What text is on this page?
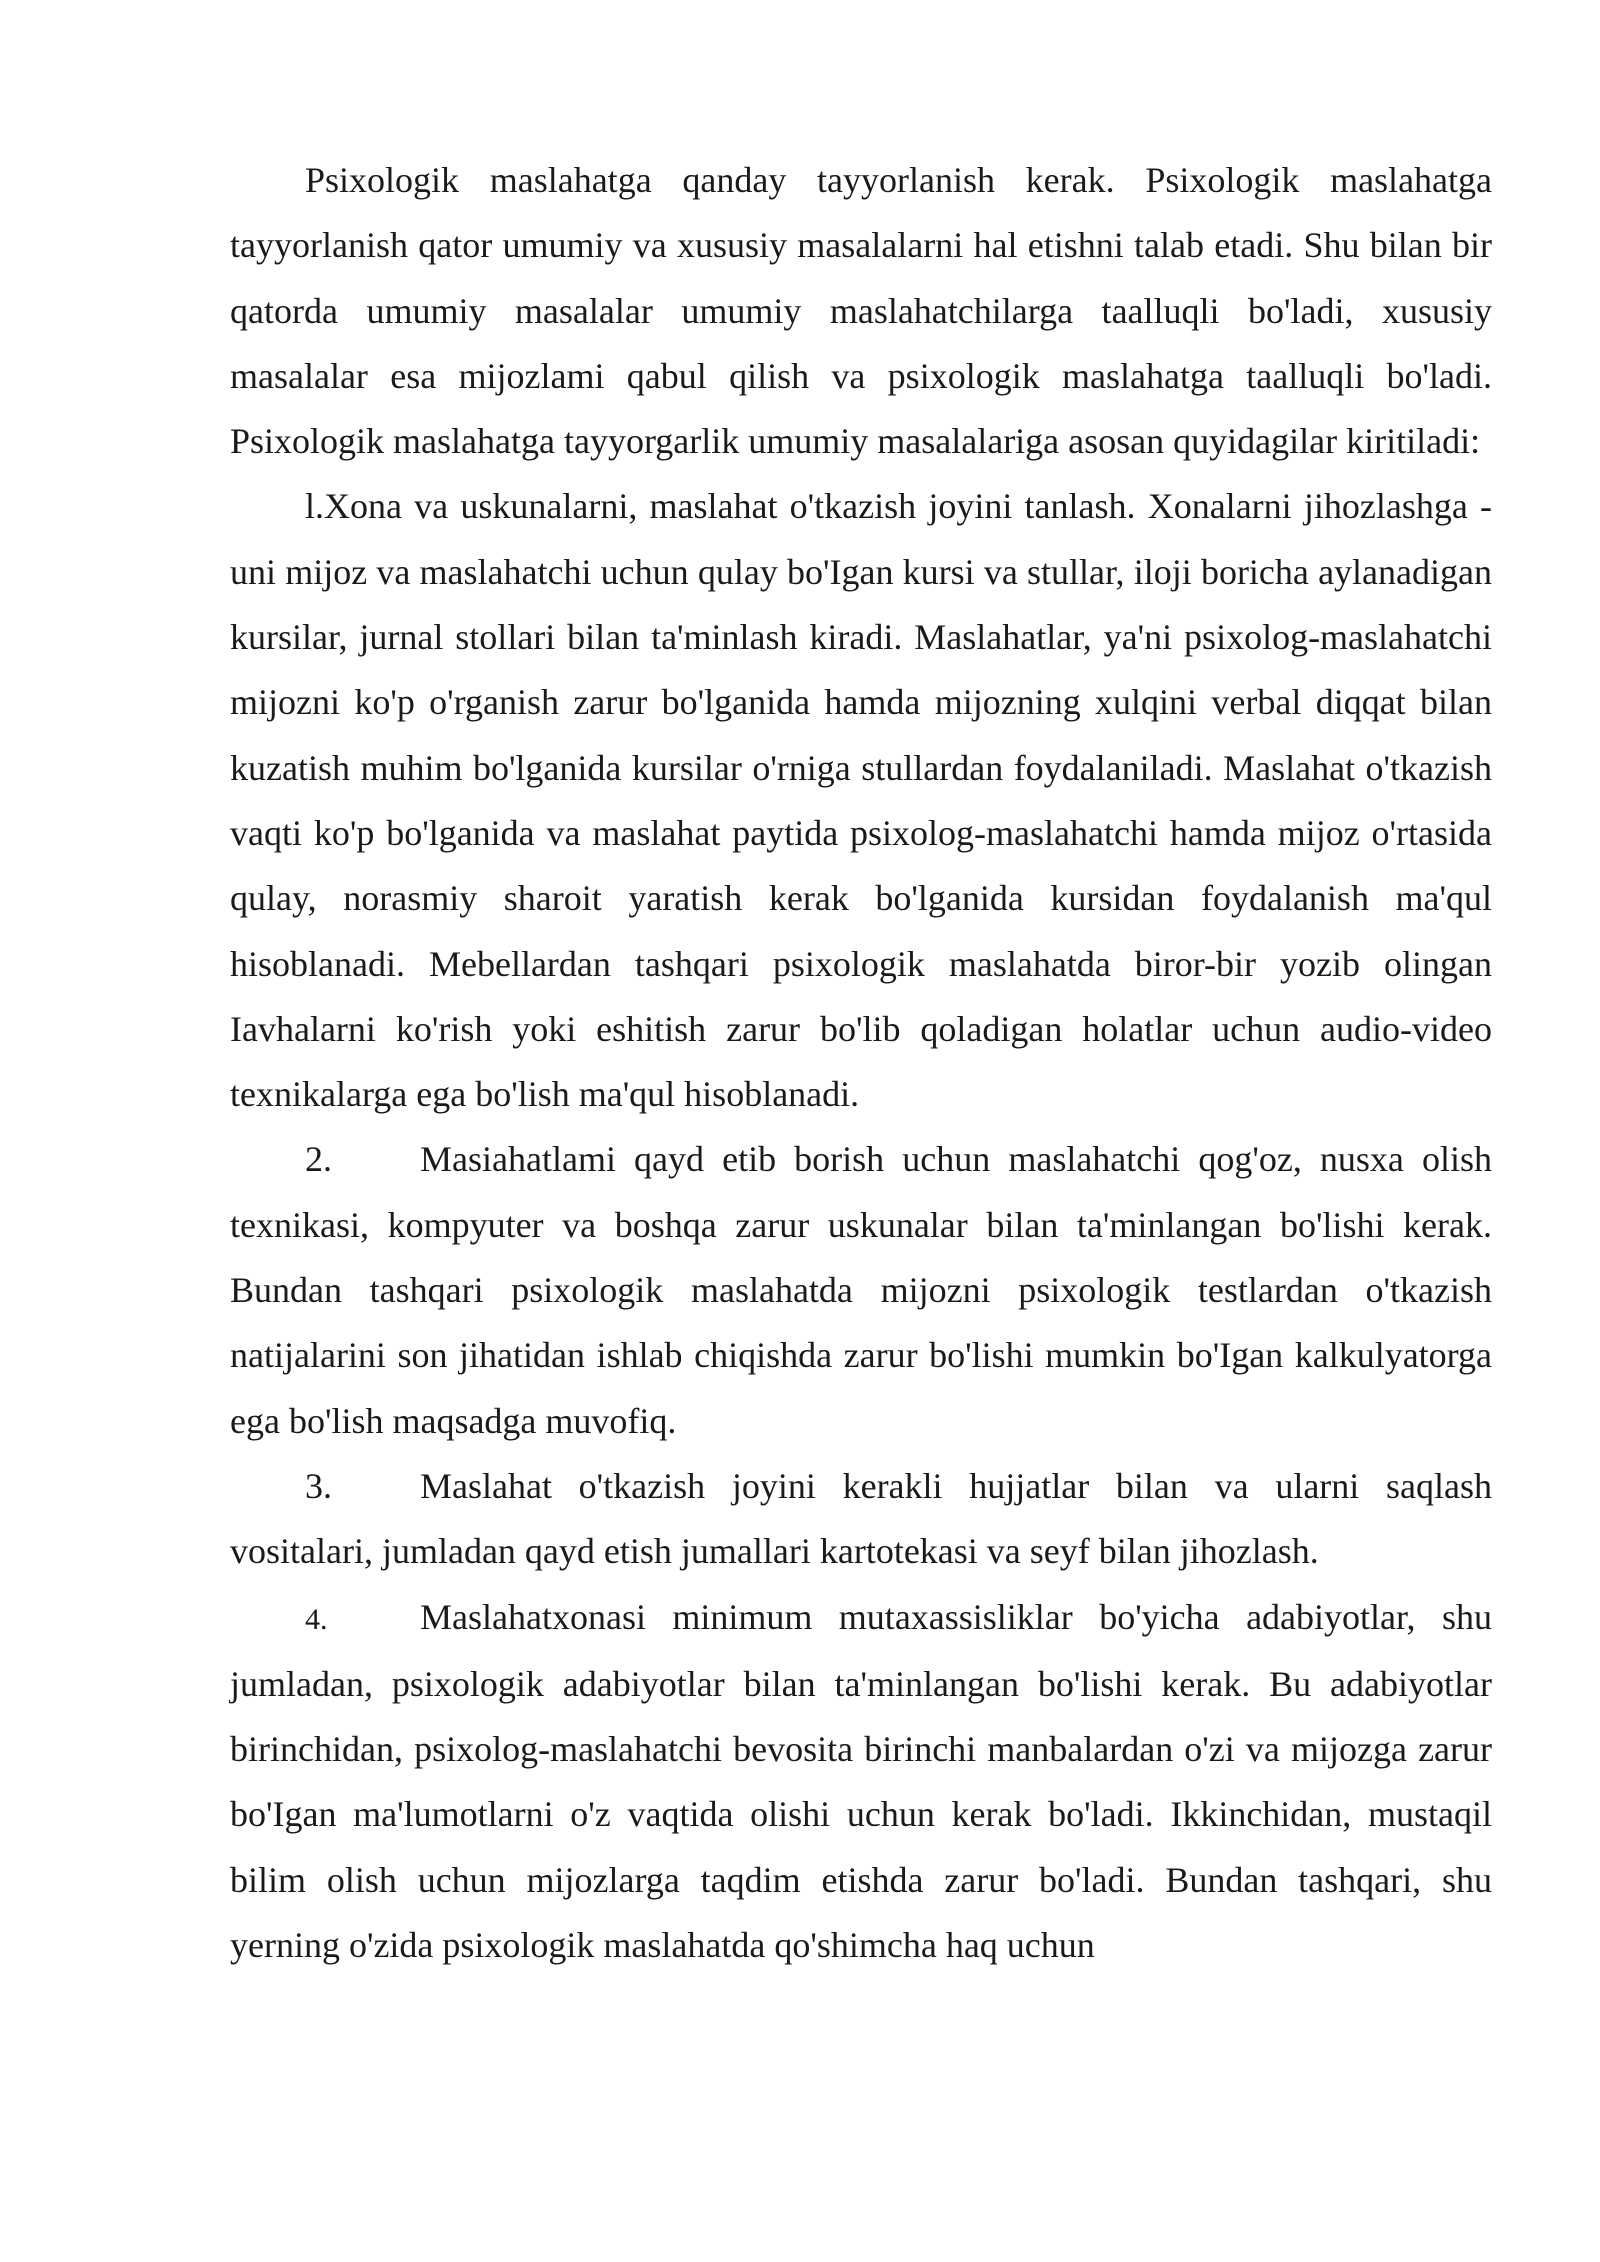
Psixologik maslahatga qanday tayyorlanish kerak. Psixologik maslahatga tayyorlanish qator umumiy va xususiy masalalarni hal etishni talab etadi. Shu bilan bir qatorda umumiy masalalar umumiy maslahatchilarga taalluqli bo'ladi, xususiy masalalar esa mijozlami qabul qilish va psixologik maslahatga taalluqli bo'ladi. Psixologik maslahatga tayyorgarlik umumiy masalalariga asosan quyidagilar kiritiladi:

l.Xona va uskunalarni, maslahat o'tkazish joyini tanlash. Xonalarni jihozlashga - uni mijoz va maslahatchi uchun qulay bo'Igan kursi va stullar, iloji boricha aylanadigan kursilar, jurnal stollari bilan ta'minlash kiradi. Maslahatlar, ya'ni psixolog-maslahatchi mijozni ko'p o'rganish zarur bo'lganida hamda mijozning xulqini verbal diqqat bilan kuzatish muhim bo'lganida kursilar o'rniga stullardan foydalaniladi. Maslahat o'tkazish vaqti ko'p bo'lganida va maslahat paytida psixolog-maslahatchi hamda mijoz o'rtasida qulay, norasmiy sharoit yaratish kerak bo'lganida kursidan foydalanish ma'qul hisoblanadi. Mebellardan tashqari psixologik maslahatda biror-bir yozib olingan Iavhalarni ko'rish yoki eshitish zarur bo'lib qoladigan holatlar uchun audio-video texnikalarga ega bo'lish ma'qul hisoblanadi.

2. Masiahatlami qayd etib borish uchun maslahatchi qog'oz, nusxa olish texnikasi, kompyuter va boshqa zarur uskunalar bilan ta'minlangan bo'lishi kerak. Bundan tashqari psixologik maslahatda mijozni psixologik testlardan o'tkazish natijalarini son jihatidan ishlab chiqishda zarur bo'lishi mumkin bo'Igan kalkulyatorga ega bo'lish maqsadga muvofiq.

3. Maslahat o'tkazish joyini kerakli hujjatlar bilan va ularni saqlash vositalari, jumladan qayd etish jumallari kartotekasi va seyf bilan jihozlash.

4.	Maslahatxonasi minimum mutaxassisliklar bo'yicha adabiyotlar, shu jumladan, psixologik adabiyotlar bilan ta'minlangan bo'lishi kerak. Bu adabiyotlar birinchidan, psixolog-maslahatchi bevosita birinchi manbalardan o'zi va mijozga zarur bo'Igan ma'lumotlarni o'z vaqtida olishi uchun kerak bo'ladi. Ikkinchidan, mustaqil bilim olish uchun mijozlarga taqdim etishda zarur bo'ladi. Bundan tashqari, shu yerning o'zida psixologik maslahatda qo'shimcha haq uchun
